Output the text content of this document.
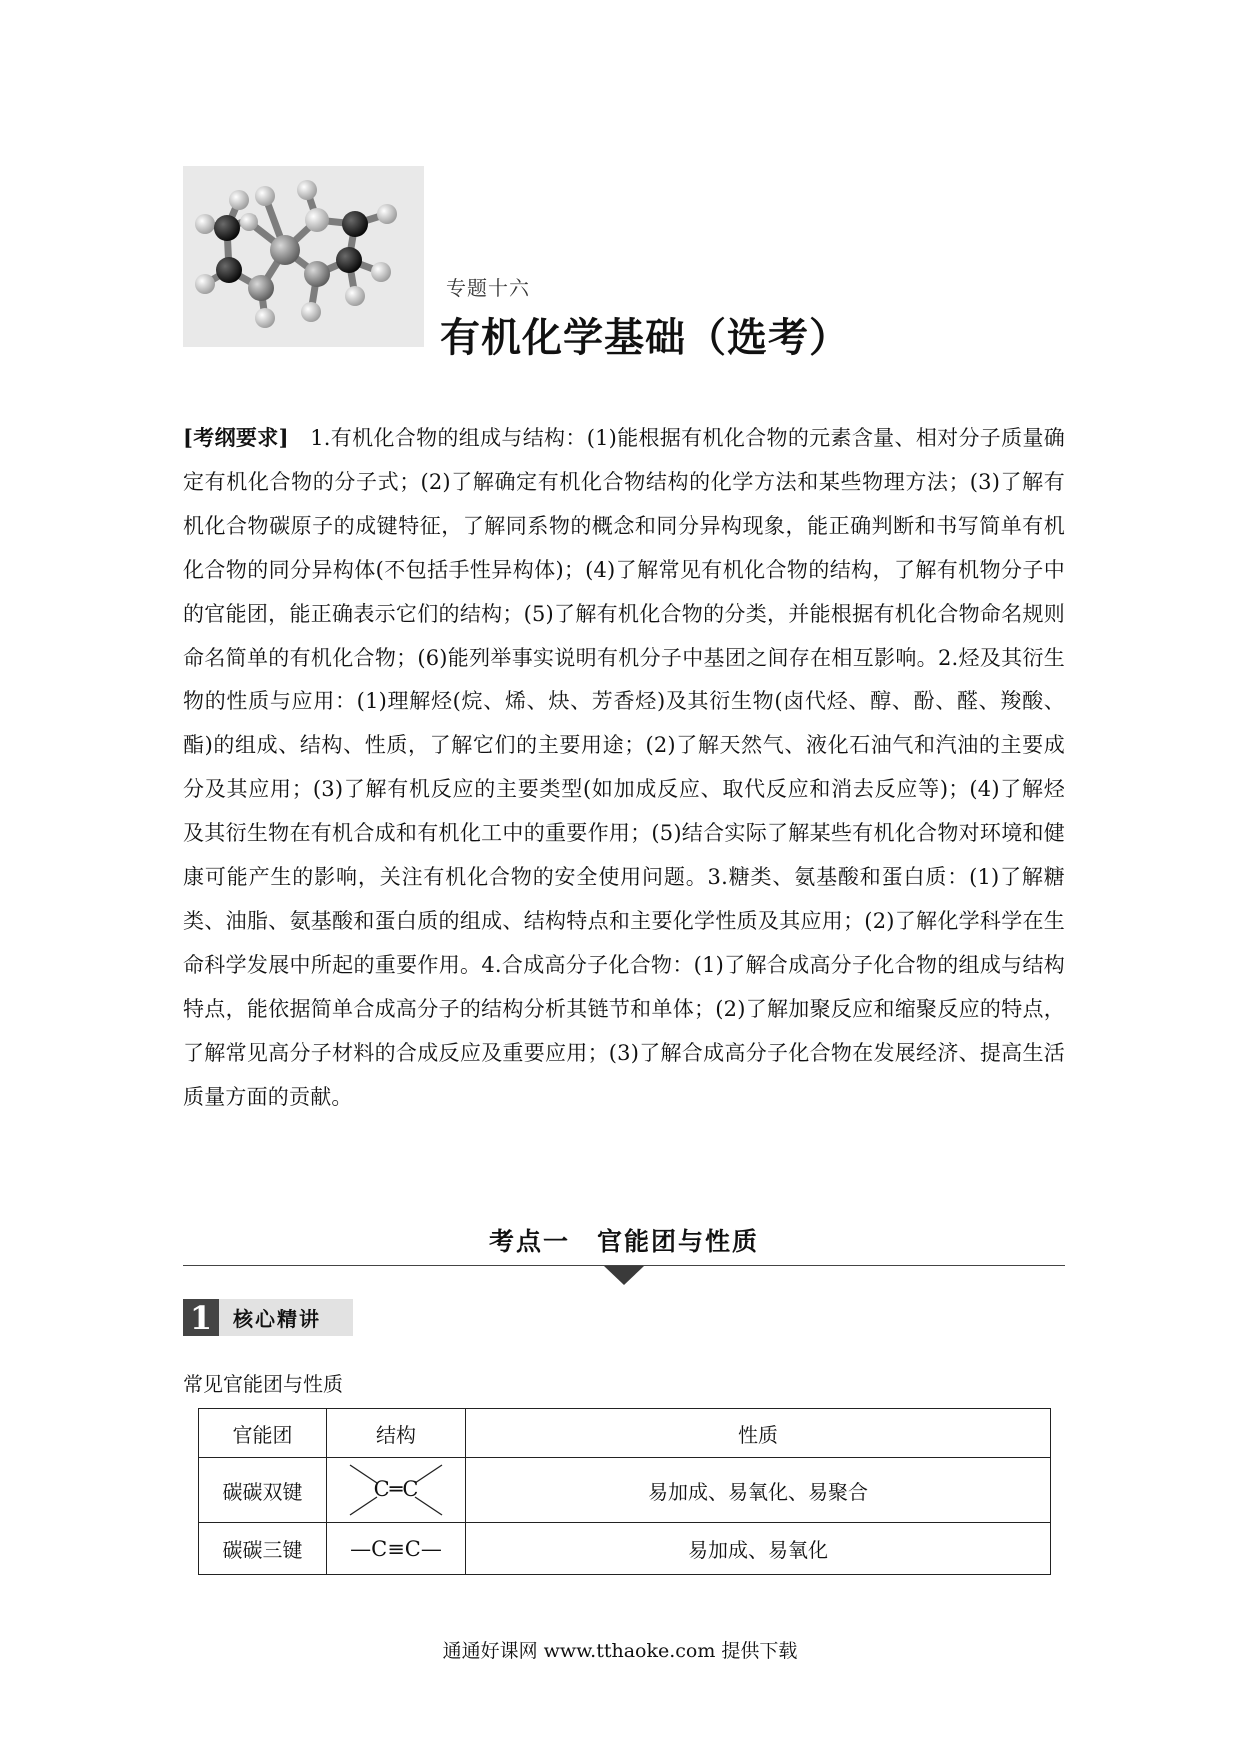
专题十六
有机化学基础（选考）
[考纲要求]　1.有机化合物的组成与结构：(1)能根据有机化合物的元素含量、相对分子质量确定有机化合物的分子式；(2)了解确定有机化合物结构的化学方法和某些物理方法；(3)了解有机化合物碳原子的成键特征，了解同系物的概念和同分异构现象，能正确判断和书写简单有机化合物的同分异构体(不包括手性异构体)；(4)了解常见有机化合物的结构，了解有机物分子中的官能团，能正确表示它们的结构；(5)了解有机化合物的分类，并能根据有机化合物命名规则命名简单的有机化合物；(6)能列举事实说明有机分子中基团之间存在相互影响。2.烃及其衍生物的性质与应用：(1)理解烃(烷、烯、炔、芳香烃)及其衍生物(卤代烃、醇、酚、醛、羧酸、酯)的组成、结构、性质，了解它们的主要用途；(2)了解天然气、液化石油气和汽油的主要成分及其应用；(3)了解有机反应的主要类型(如加成反应、取代反应和消去反应等)；(4)了解烃及其衍生物在有机合成和有机化工中的重要作用；(5)结合实际了解某些有机化合物对环境和健康可能产生的影响，关注有机化合物的安全使用问题。3.糖类、氨基酸和蛋白质：(1)了解糖类、油脂、氨基酸和蛋白质的组成、结构特点和主要化学性质及其应用；(2)了解化学科学在生命科学发展中所起的重要作用。4.合成高分子化合物：(1)了解合成高分子化合物的组成与结构特点，能依据简单合成高分子的结构分析其链节和单体；(2)了解加聚反应和缩聚反应的特点，了解常见高分子材料的合成反应及重要应用；(3)了解合成高分子化合物在发展经济、提高生活质量方面的贡献。
考点一　官能团与性质
1	核心精讲
常见官能团与性质
官能团	结构	性质
碳碳双键	C═C	易加成、易氧化、易聚合
碳碳三键	—C≡C—	易加成、易氧化
通通好课网 www.tthaoke.com 提供下载
